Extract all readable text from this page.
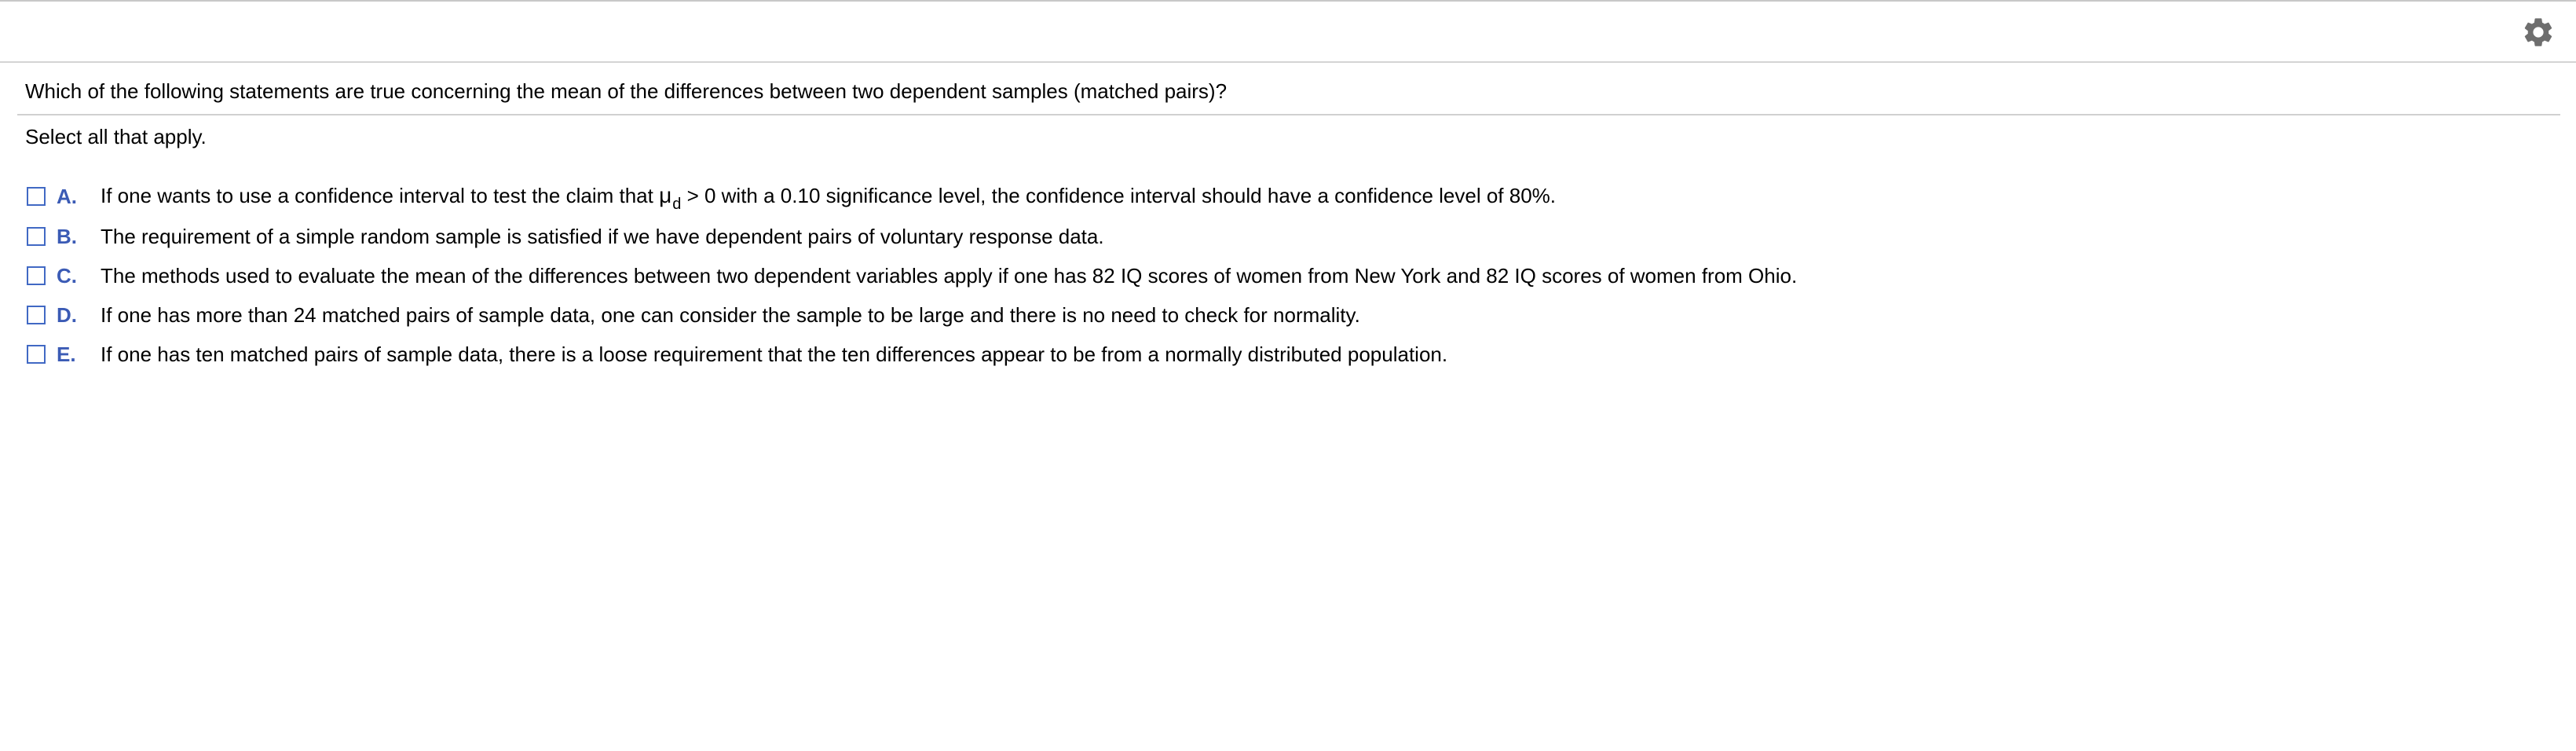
Which of the following statements are true concerning the mean of the differences between two dependent samples (matched pairs)?
Select all that apply.
A.	If one wants to use a confidence interval to test the claim that $\mu_d > 0$ with a 0.10 significance level, the confidence interval should have a confidence level of 80%.
B.	The requirement of a simple random sample is satisfied if we have dependent pairs of voluntary response data.
C.	The methods used to evaluate the mean of the differences between two dependent variables apply if one has 82 IQ scores of women from New York and 82 IQ scores of women from Ohio.
D.	If one has more than 24 matched pairs of sample data, one can consider the sample to be large and there is no need to check for normality.
E.	If one has ten matched pairs of sample data, there is a loose requirement that the ten differences appear to be from a normally distributed population.
